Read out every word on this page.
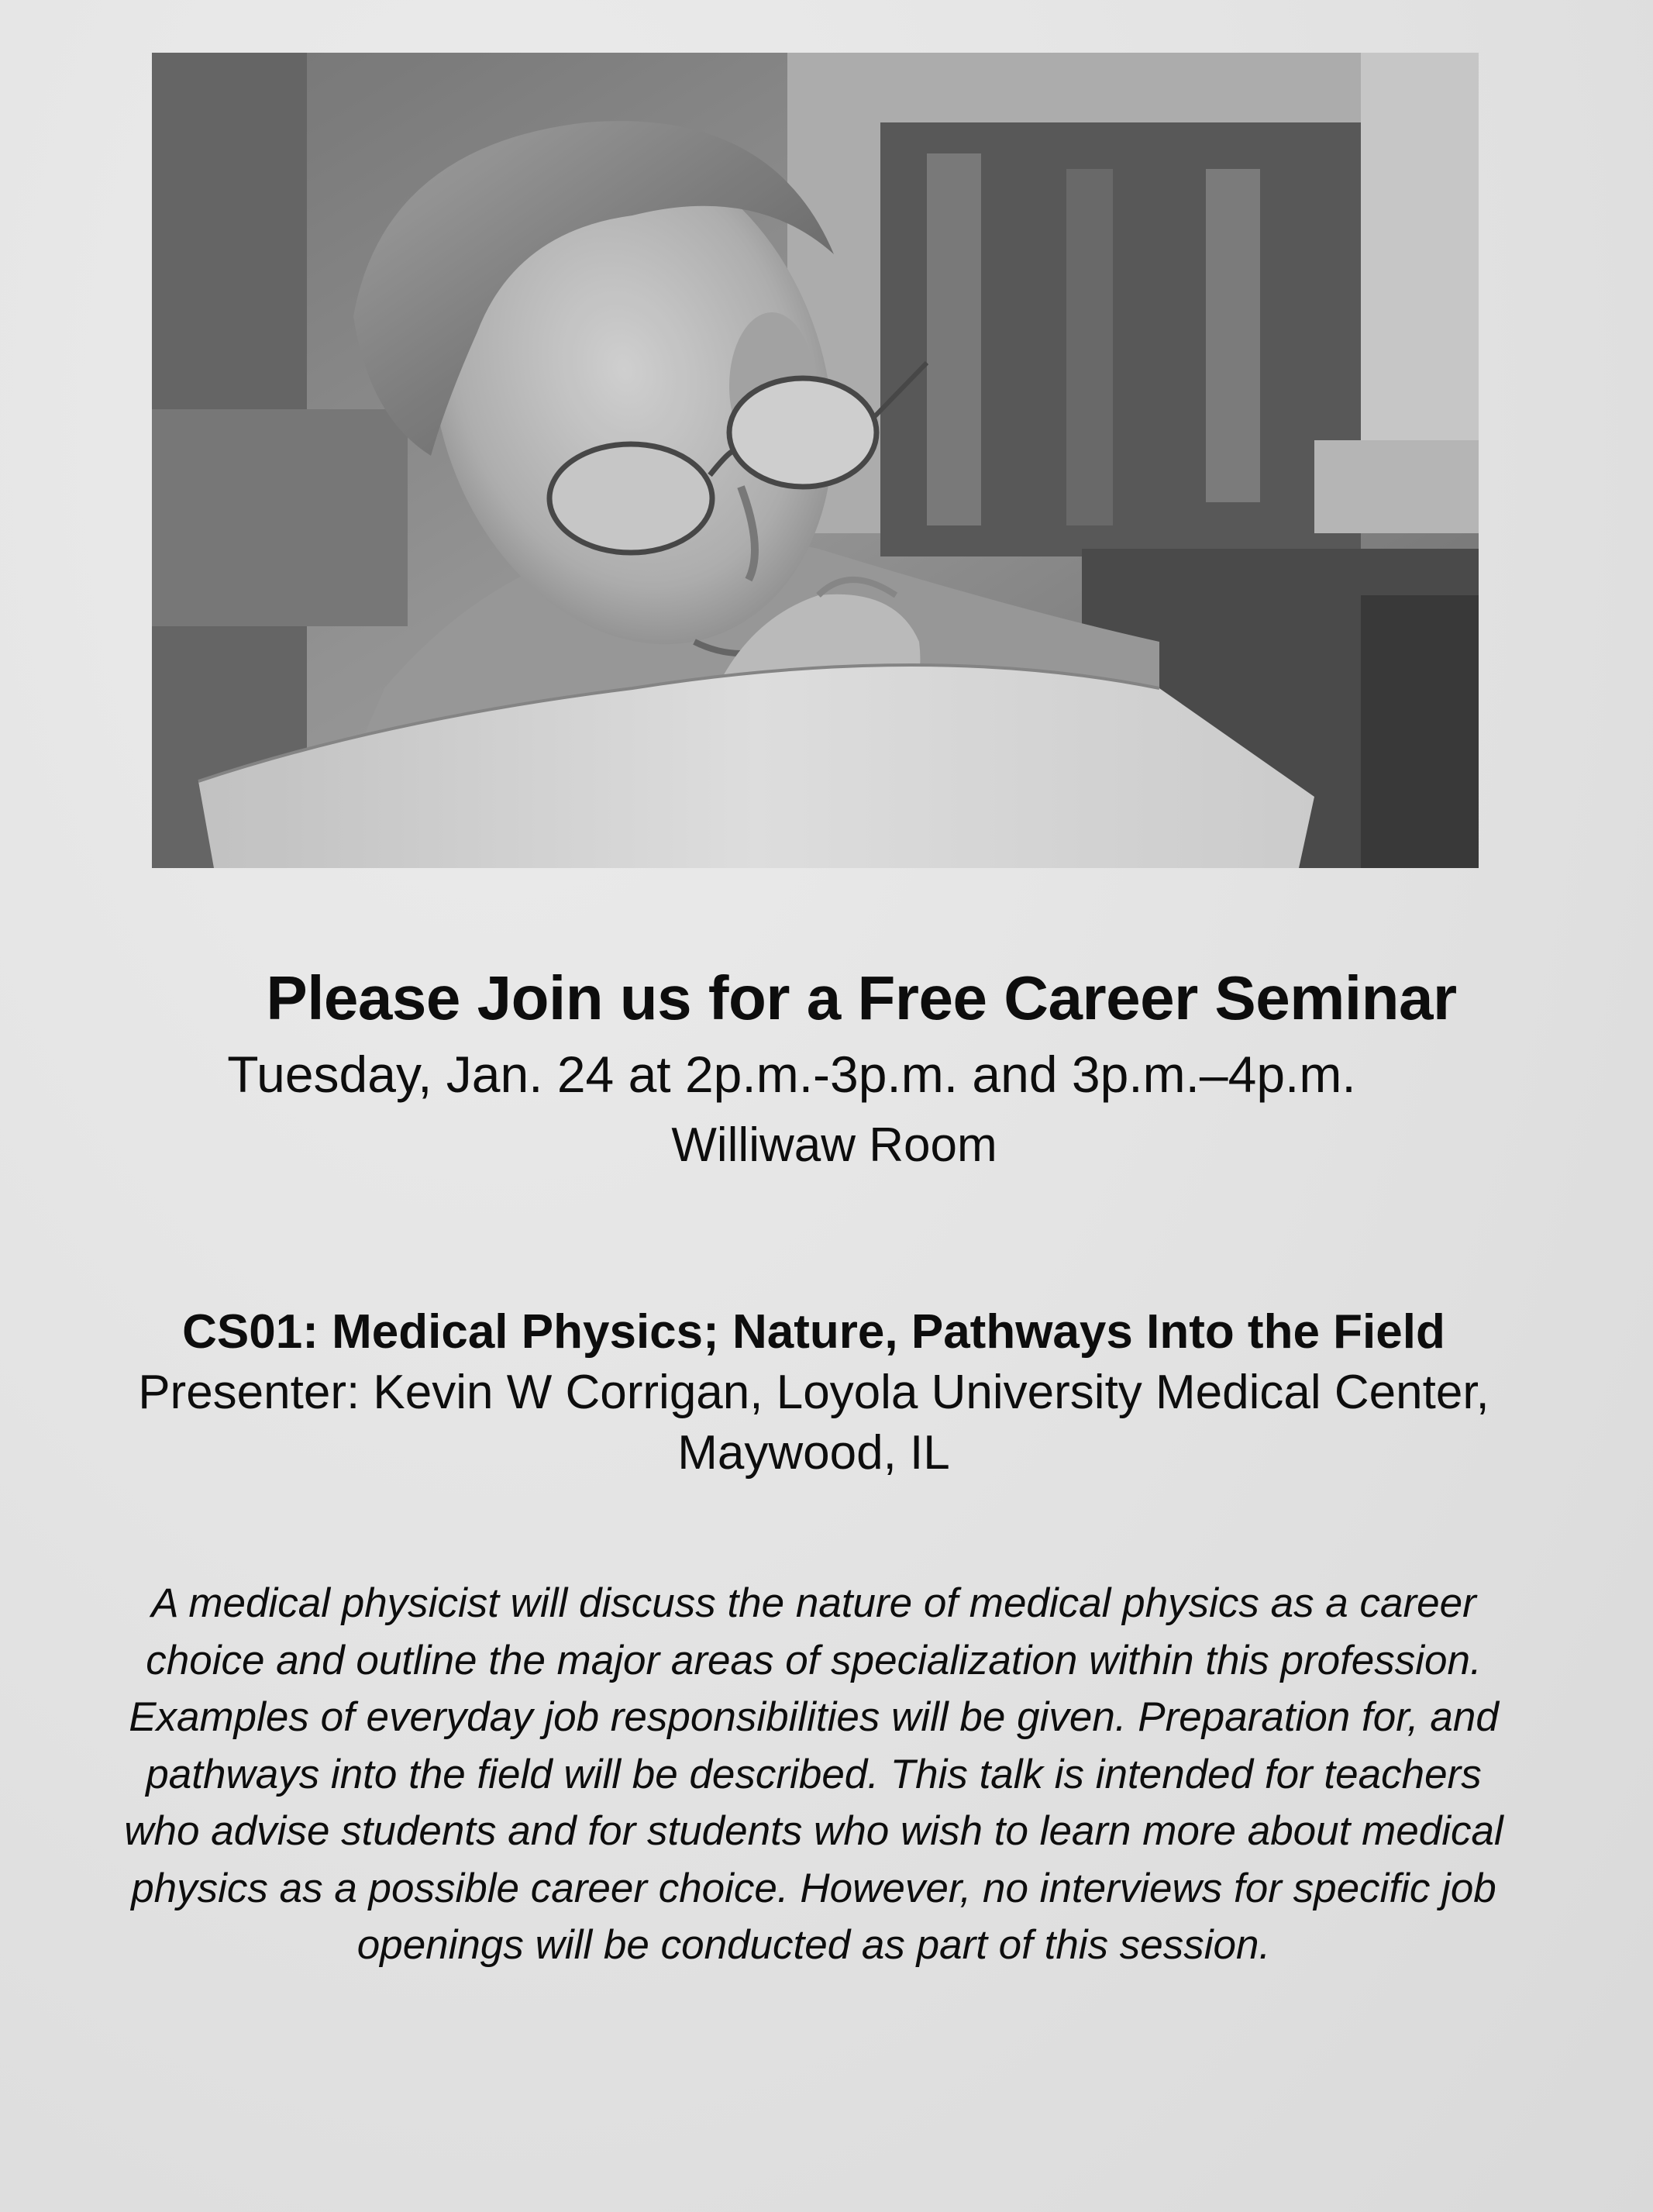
Please Join us for a Free Career Seminar
Tuesday, Jan. 24 at 2p.m.-3p.m. and 3p.m.–4p.m.
Williwaw Room
CS01: Medical Physics; Nature, Pathways Into the Field
Presenter: Kevin W Corrigan, Loyola University Medical Center, Maywood, IL
A medical physicist will discuss the nature of medical physics as a career choice and outline the major areas of specialization within this profession. Examples of everyday job responsibilities will be given. Preparation for, and pathways into the field will be described. This talk is intended for teachers who advise students and for students who wish to learn more about medical physics as a possible career choice. However, no interviews for specific job openings will be conducted as part of this session.
